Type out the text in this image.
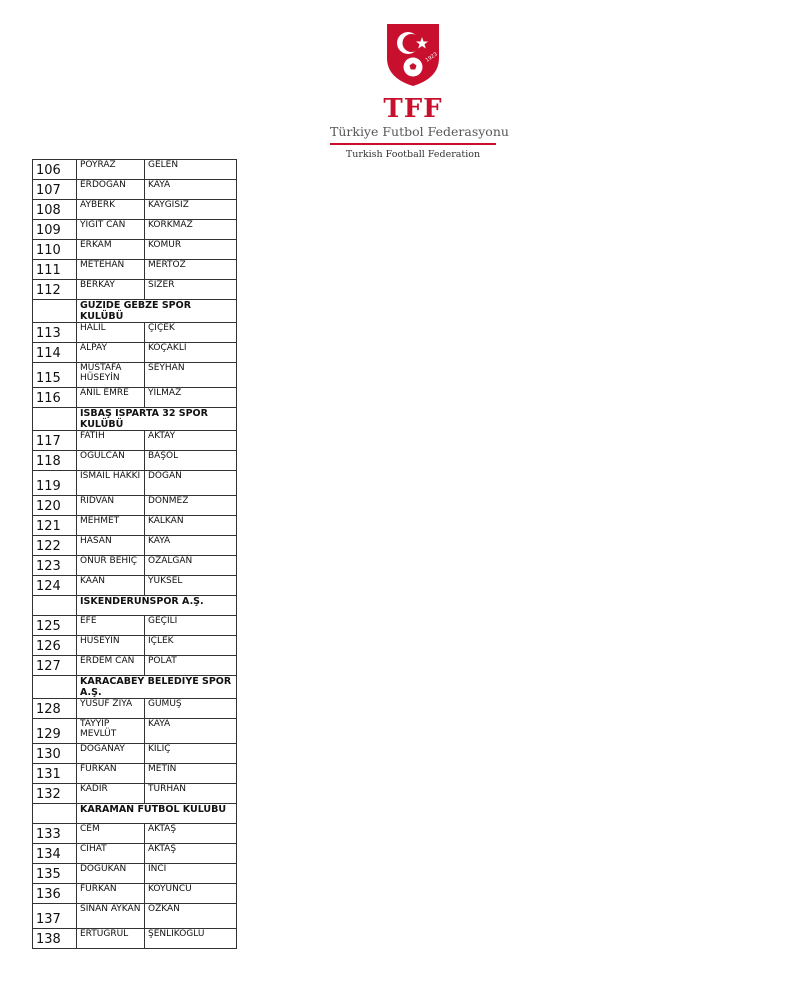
1923
TFF
Türkiye Futbol Federasyonu
Turkish Football Federation
106	POYRAZ	GELEN
107	ERDOĞAN	KAYA
108	AYBERK	KAYGISIZ
109	YİĞİT CAN	KORKMAZ
110	ERKAM	KÖMÜR
111	METEHAN	MERTÖZ
112	BERKAY	SİZER
	GÜZİDE GEBZE SPOR KULÜBÜ	
113	HALİL	ÇİÇEK
114	ALPAY	KOÇAKLI
115	MUSTAFA HÜSEYİN	SEYHAN
116	ANIL EMRE	YILMAZ
	ISBAŞ ISPARTA 32 SPOR KULÜBÜ	
117	FATİH	AKTAY
118	OĞULCAN	BAŞOL
119	İSMAİL HAKKI	DOĞAN
120	RIDVAN	DÖNMEZ
121	MEHMET	KALKAN
122	HASAN	KAYA
123	ONUR BEHİÇ	ÖZALGAN
124	KAAN	YÜKSEL
	İSKENDERUNSPOR A.Ş.	
125	EFE	GEÇİLİ
126	HÜSEYİN	İÇLEK
127	ERDEM CAN	POLAT
	KARACABEY BELEDİYE SPOR A.Ş.	
128	YUSUF ZİYA	GÜMÜŞ
129	TAYYİP MEVLÜT	KAYA
130	DOĞANAY	KILIÇ
131	FURKAN	METİN
132	KADİR	TURHAN
	KARAMAN FUTBOL KULÜBÜ	
133	CEM	AKTAŞ
134	CİHAT	AKTAŞ
135	DOĞUKAN	İNCİ
136	FURKAN	KOYUNCU
137	SİNAN AYKAN	ÖZKAN
138	ERTUĞRUL	ŞENLİKOĞLU
